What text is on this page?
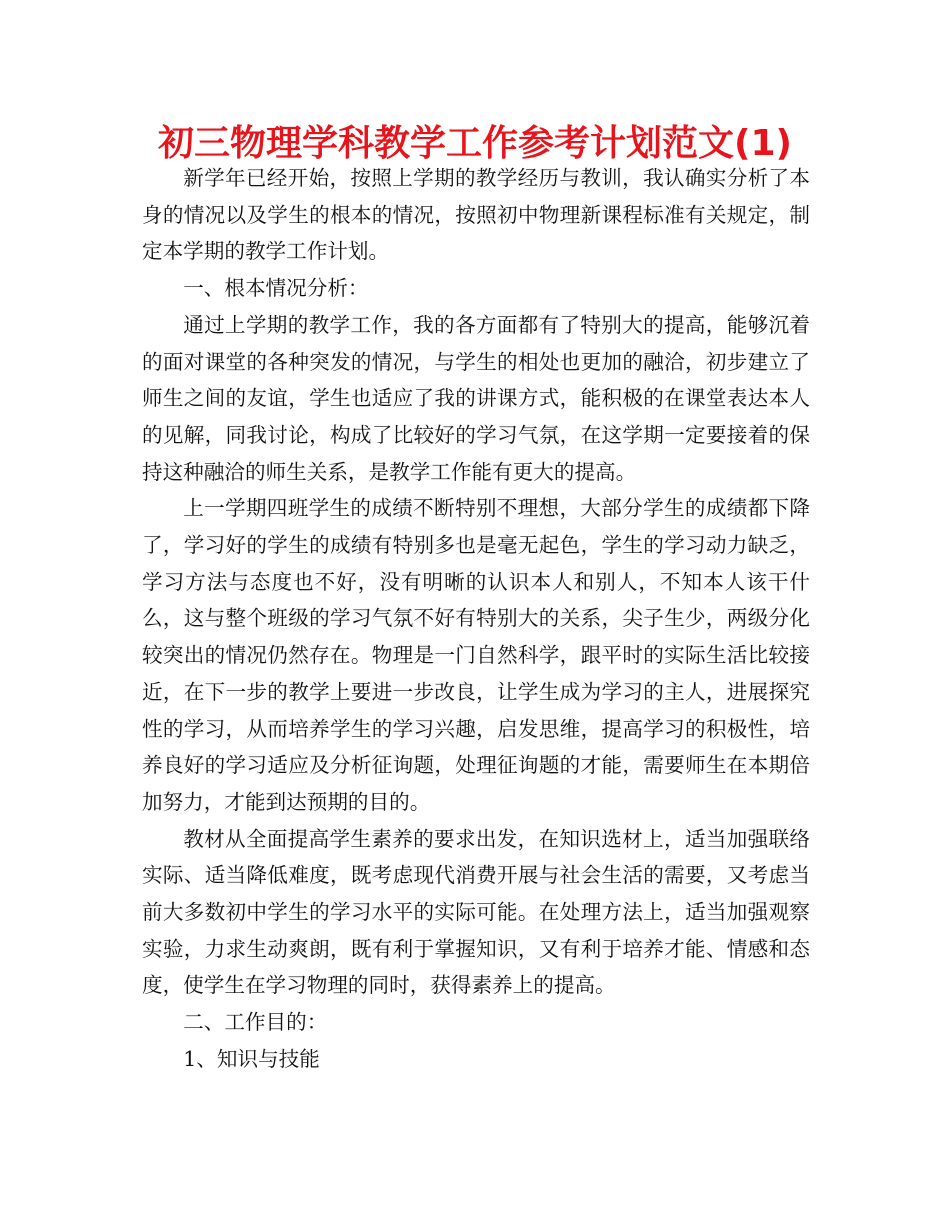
初三物理学科教学工作参考计划范文(1)

新学年已经开始，按照上学期的教学经历与教训，我认确实分析了本身的情况以及学生的根本的情况，按照初中物理新课程标准有关规定，制定本学期的教学工作计划。

一、根本情况分析：

通过上学期的教学工作，我的各方面都有了特别大的提高，能够沉着的面对课堂的各种突发的情况，与学生的相处也更加的融洽，初步建立了师生之间的友谊，学生也适应了我的讲课方式，能积极的在课堂表达本人的见解，同我讨论，构成了比较好的学习气氛，在这学期一定要接着的保持这种融洽的师生关系，是教学工作能有更大的提高。

上一学期四班学生的成绩不断特别不理想，大部分学生的成绩都下降了，学习好的学生的成绩有特别多也是毫无起色，学生的学习动力缺乏，学习方法与态度也不好，没有明晰的认识本人和别人，不知本人该干什么，这与整个班级的学习气氛不好有特别大的关系，尖子生少，两级分化较突出的情况仍然存在。物理是一门自然科学，跟平时的实际生活比较接近，在下一步的教学上要进一步改良，让学生成为学习的主人，进展探究性的学习，从而培养学生的学习兴趣，启发思维，提高学习的积极性，培养良好的学习适应及分析征询题，处理征询题的才能，需要师生在本期倍加努力，才能到达预期的目的。

教材从全面提高学生素养的要求出发，在知识选材上，适当加强联络实际、适当降低难度，既考虑现代消费开展与社会生活的需要，又考虑当前大多数初中学生的学习水平的实际可能。在处理方法上，适当加强观察实验，力求生动爽朗，既有利于掌握知识，又有利于培养才能、情感和态度，使学生在学习物理的同时，获得素养上的提高。

二、工作目的：

1、知识与技能
